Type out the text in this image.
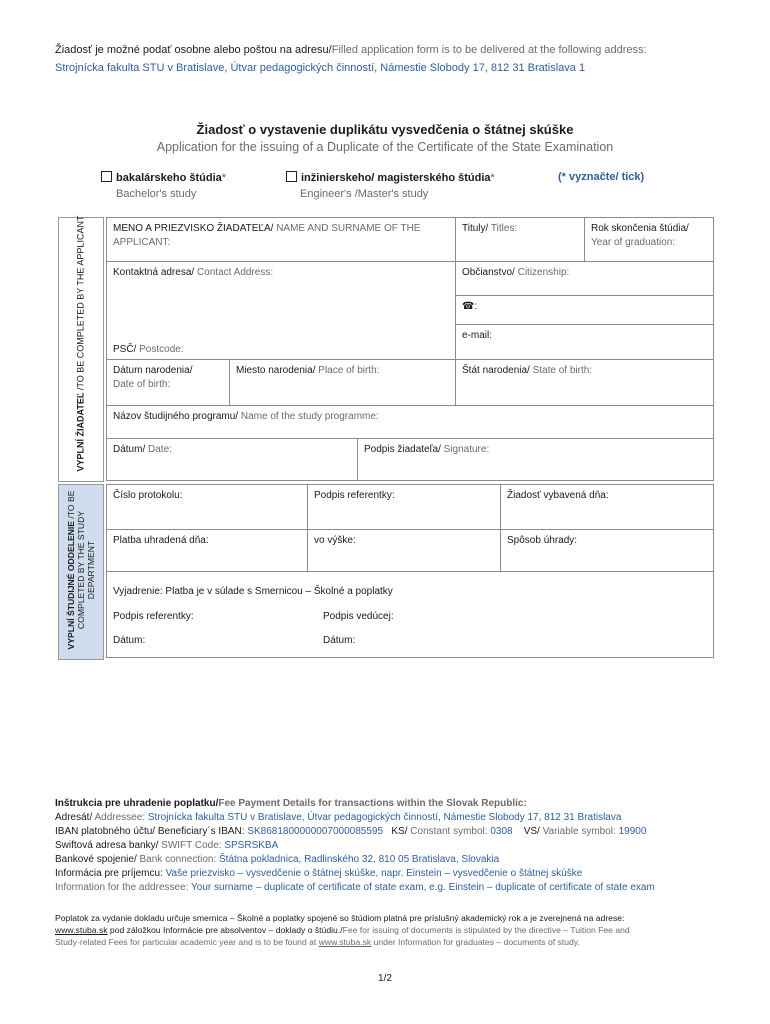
Žiadosť je možné podať osobne alebo poštou na adresu/Filled application form is to be delivered at the following address:
Strojnícka fakulta STU v Bratislave, Útvar pedagogických činností, Námestie Slobody 17, 812 31 Bratislava 1
Žiadosť o vystavenie duplikátu vysvedčenia o štátnej skúške
Application for the issuing of a Duplicate of the Certificate of the State Examination
bakalárskeho štúdia*
Bachelor's study
inžinierskeho/ magisterského štúdia*
Engineer's /Master's study
(* vyznačte/ tick)
VYPLNÍ ŽIADATEĽ /TO BE COMPLETED BY THE APPLICANT	MENO A PRIEZVISKO ŽIADATEĽA/ NAME AND SURNAME OF THE APPLICANT:
Tituly/ Titles:	Rok skončenia štúdia/
Year of graduation:
Kontaktná adresa/ Contact Address:
PSČ/ Postcode:
Občianstvo/ Citizenship:
☎:
e-mail:
Dátum narodenia/
Date of birth:
Miesto narodenia/ Place of birth:	Štát narodenia/ State of birth:
Názov študijného programu/ Name of the study programme:
Dátum/ Date:	Podpis žiadateľa/ Signature:
VYPLNÍ ŠTUDIJNÉ ODDELENIE /TO BE COMPLETED BY THE STUDY DEPARTMENT
Číslo protokolu:	Podpis referentky:	Žiadosť vybavená dňa:
Platba uhradená dňa:	vo výške:	Spôsob úhrady:
Vyjadrenie: Platba je v súlade s Smernicou – Školné a poplatky
Podpis referentky:	Podpis vedúcej:
Dátum:	Dátum:
Inštrukcia pre uhradenie poplatku/Fee Payment Details for transactions within the Slovak Republic:
Adresát/ Addressee: Strojnícka fakulta STU v Bratislave, Útvar pedagogických činností, Námestie Slobody 17, 812 31 Bratislava
IBAN platobného účtu/ Beneficiary´s IBAN: SK8681800000007000085595 KS/ Constant symbol: 0308 VS/ Variable symbol: 19900
Swiftová adresa banky/ SWIFT Code: SPSRSKBA
Bankové spojenie/ Bank connection: Štátna pokladnica, Radlinského 32, 810 05 Bratislava, Slovakia
Informácia pre príjemcu: Vaše priezvisko – vysvedčenie o štátnej skúške, napr. Einstein – vysvedčenie o štátnej skúške
Information for the addressee: Your surname – duplicate of certificate of state exam, e.g. Einstein – duplicate of certificate of state exam
Poplatok za vydanie dokladu určuje smernica – Školné a poplatky spojené so štúdiom platná pre príslušný akademický rok a je zverejnená na adrese:
www.stuba.sk pod záložkou Informácie pre absolventov – doklady o štúdiu./Fee for issuing of documents is stipulated by the directive – Tuition Fee and
Study-related Fees for particular academic year and is to be found at www.stuba.sk under Information for graduates – documents of study.
1/2
